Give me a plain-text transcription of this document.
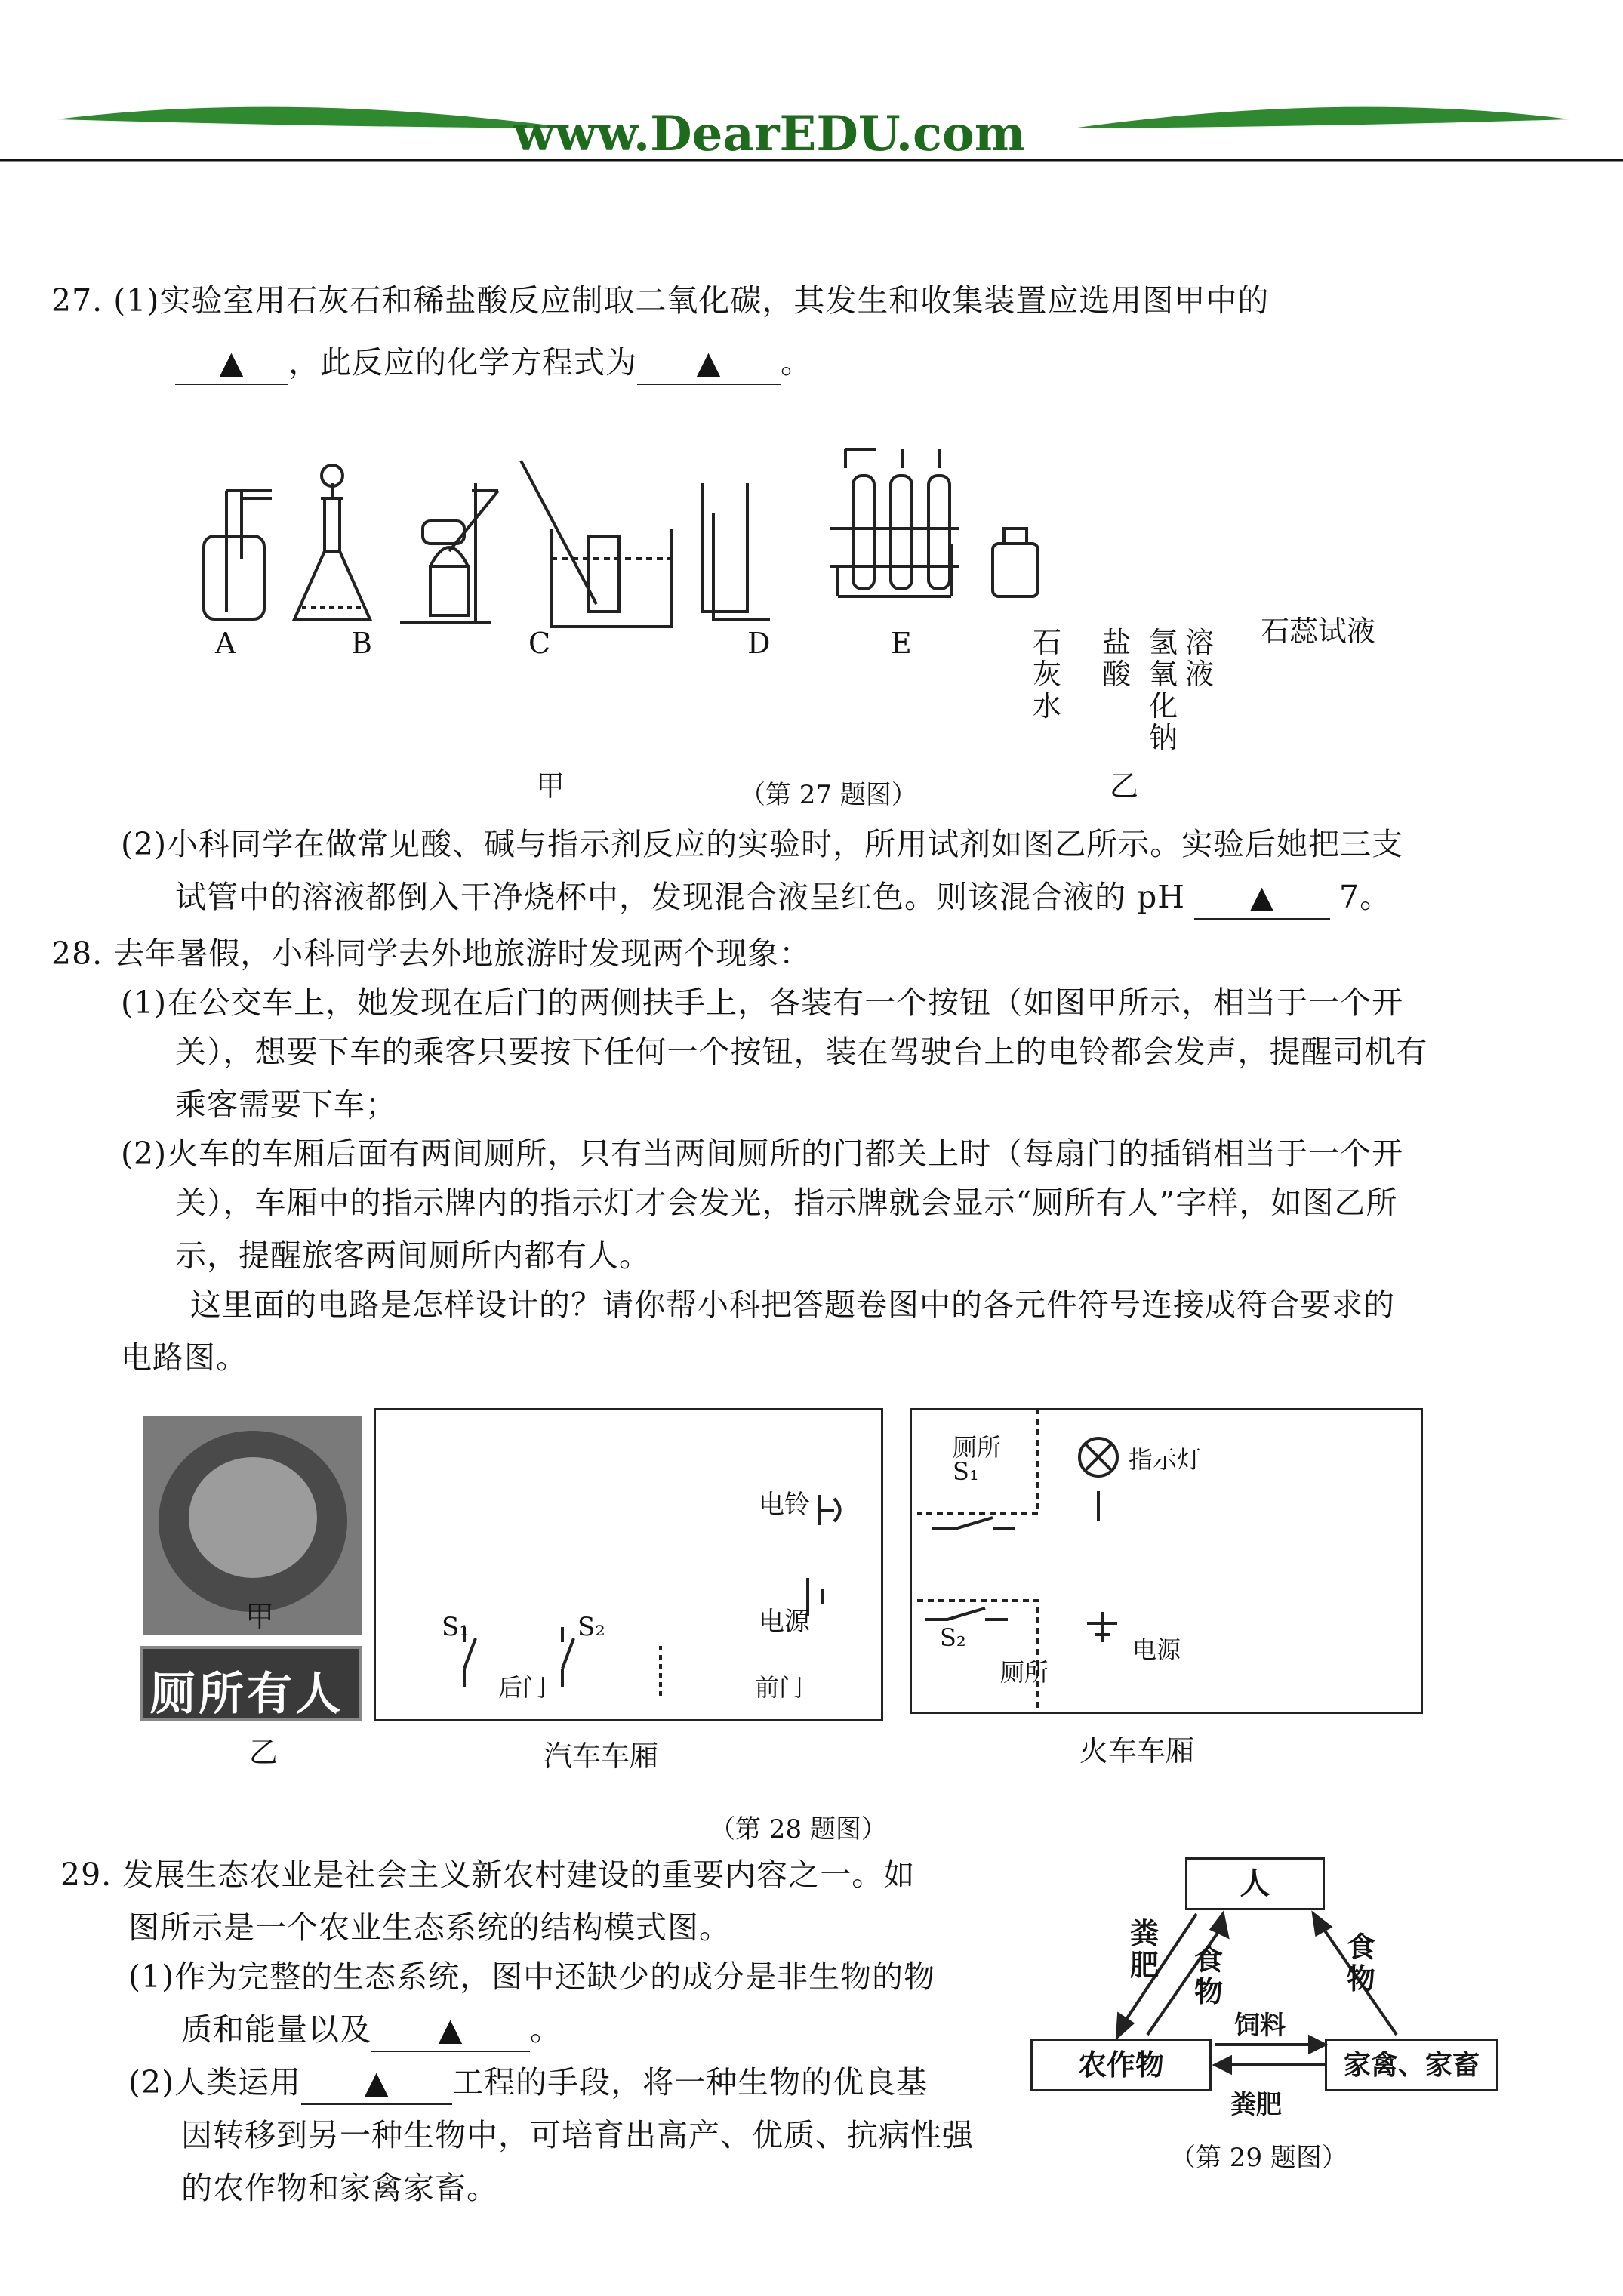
www.DearEDU.com
27. (1)实验室用石灰石和稀盐酸反应制取二氧化碳，其发生和收集装置应选用图甲中的
▲ ，此反应的化学方程式为 ▲ 。
A	B	C	D	E	石灰水
盐酸
氢氧化钠
溶液
石蕊试液
甲	乙
（第 27 题图）
(2)小科同学在做常见酸、碱与指示剂反应的实验时，所用试剂如图乙所示。实验后她把三支
试管中的溶液都倒入干净烧杯中，发现混合液呈红色。则该混合液的 pH ▲ 7。
28. 去年暑假，小科同学去外地旅游时发现两个现象：
(1)在公交车上，她发现在后门的两侧扶手上，各装有一个按钮（如图甲所示，相当于一个开
关），想要下车的乘客只要按下任何一个按钮，装在驾驶台上的电铃都会发声，提醒司机有
乘客需要下车；
(2)火车的车厢后面有两间厕所，只有当两间厕所的门都关上时（每扇门的插销相当于一个开
关），车厢中的指示牌内的指示灯才会发光，指示牌就会显示“厕所有人”字样，如图乙所
示，提醒旅客两间厕所内都有人。
这里面的电路是怎样设计的？请你帮小科把答题卷图中的各元件符号连接成符合要求的
电路图。
甲
厕所有人
乙
电铃
电源
S₁	S₂
后门	前门
汽车车厢
厕所
S₁	指示灯
S₂
厕所
电源
火车车厢
（第 28 题图）
29. 发展生态农业是社会主义新农村建设的重要内容之一。如
图所示是一个农业生态系统的结构模式图。
(1)作为完整的生态系统，图中还缺少的成分是非生物的物
质和能量以及 ▲ 。
(2)人类运用 ▲ 工程的手段，将一种生物的优良基
因转移到另一种生物中，可培育出高产、优质、抗病性强
的农作物和家禽家畜。
人
农作物	家禽、家畜
粪肥 食物
食物
饲料
粪肥
（第 29 题图）
